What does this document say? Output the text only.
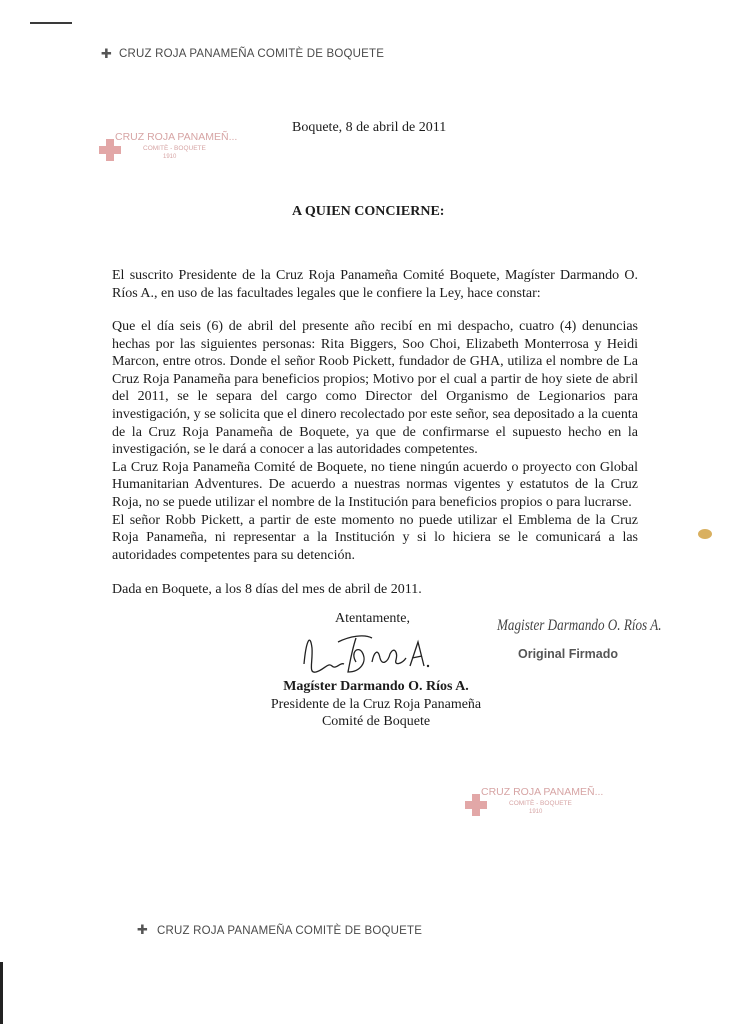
✚ CRUZ ROJA PANAMEÑA COMITÈ DE BOQUETE
CRUZ ROJA PANAMEÑ...
COMITÈ - BOQUETE
1910
Boquete, 8 de abril de 2011
A QUIEN CONCIERNE:

El suscrito Presidente de la Cruz Roja Panameña Comité Boquete, Magíster Darmando O. Ríos A., en uso de las facultades legales que le confiere la Ley, hace constar:

Que el día seis (6) de abril del presente año recibí en mi despacho, cuatro (4) denuncias hechas por las siguientes personas: Rita Biggers, Soo Choi, Elizabeth Monterrosa y Heidi Marcon, entre otros. Donde el señor Roob Pickett, fundador de GHA, utiliza el nombre de La Cruz Roja Panameña para beneficios propios; Motivo por el cual a partir de hoy siete de abril del 2011, se le separa del cargo como Director del Organismo de Legionarios para investigación, y se solicita que el dinero recolectado por este señor, sea depositado a la cuenta de la Cruz Roja Panameña de Boquete, ya que de confirmarse el supuesto hecho en la investigación, se le dará a conocer a las autoridades competentes.

La Cruz Roja Panameña Comité de Boquete, no tiene ningún acuerdo o proyecto con Global Humanitarian Adventures. De acuerdo a nuestras normas vigentes y estatutos de la Cruz Roja, no se puede utilizar el nombre de la Institución para beneficios propios o para lucrarse.

El señor Robb Pickett, a partir de este momento no puede utilizar el Emblema de la Cruz Roja Panameña, ni representar a la Institución y si lo hiciera se le comunicará a las autoridades competentes para su detención.

Dada en Boquete, a los 8 días del mes de abril de 2011.
Atentamente,
Magíster Darmando O. Ríos A.
Presidente de la Cruz Roja Panameña
Comité de Boquete
Magister Darmando O. Ríos A.
Original Firmado
CRUZ ROJA PANAMEÑ...
COMITÈ - BOQUETE
1910
✚ CRUZ ROJA PANAMEÑA COMITÈ DE BOQUETE
